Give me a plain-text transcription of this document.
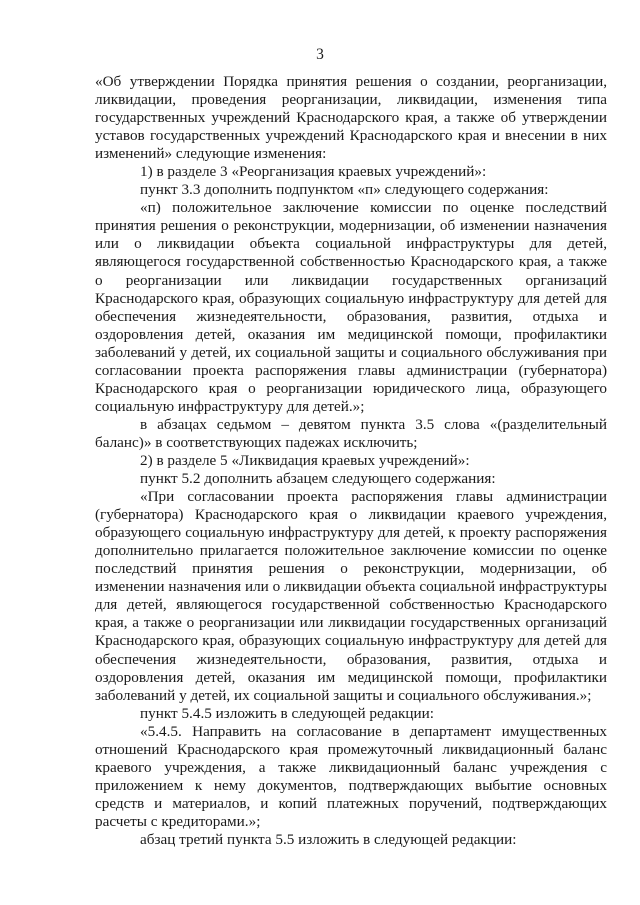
3

«Об утверждении Порядка принятия решения о создании, реорганизации, ликвидации, проведения реорганизации, ликвидации, изменения типа государственных учреждений Краснодарского края, а также об утверждении уставов государственных учреждений Краснодарского края и внесении в них изменений» следующие изменения:

1) в разделе 3 «Реорганизация краевых учреждений»:

пункт 3.3 дополнить подпунктом «п» следующего содержания:

«п) положительное заключение комиссии по оценке последствий принятия решения о реконструкции, модернизации, об изменении назначения или о ликвидации объекта социальной инфраструктуры для детей, являющегося государственной собственностью Краснодарского края, а также о реорганизации или ликвидации государственных организаций Краснодарского края, образующих социальную инфраструктуру для детей для обеспечения жизнедеятельности, образования, развития, отдыха и оздоровления детей, оказания им медицинской помощи, профилактики заболеваний у детей, их социальной защиты и социального обслуживания при согласовании проекта распоряжения главы администрации (губернатора) Краснодарского края о реорганизации юридического лица, образующего социальную инфраструктуру для детей.»;

в абзацах седьмом – девятом пункта 3.5 слова «(разделительный баланс)» в соответствующих падежах исключить;

2) в разделе 5 «Ликвидация краевых учреждений»:

пункт 5.2 дополнить абзацем следующего содержания:

«При согласовании проекта распоряжения главы администрации (губернатора) Краснодарского края о ликвидации краевого учреждения, образующего социальную инфраструктуру для детей, к проекту распоряжения дополнительно прилагается положительное заключение комиссии по оценке последствий принятия решения о реконструкции, модернизации, об изменении назначения или о ликвидации объекта социальной инфраструктуры для детей, являющегося государственной собственностью Краснодарского края, а также о реорганизации или ликвидации государственных организаций Краснодарского края, образующих социальную инфраструктуру для детей для обеспечения жизнедеятельности, образования, развития, отдыха и оздоровления детей, оказания им медицинской помощи, профилактики заболеваний у детей, их социальной защиты и социального обслуживания.»;

пункт 5.4.5 изложить в следующей редакции:

«5.4.5. Направить на согласование в департамент имущественных отношений Краснодарского края промежуточный ликвидационный баланс краевого учреждения, а также ликвидационный баланс учреждения с приложением к нему документов, подтверждающих выбытие основных средств и материалов, и копий платежных поручений, подтверждающих расчеты с кредиторами.»;

абзац третий пункта 5.5 изложить в следующей редакции:
